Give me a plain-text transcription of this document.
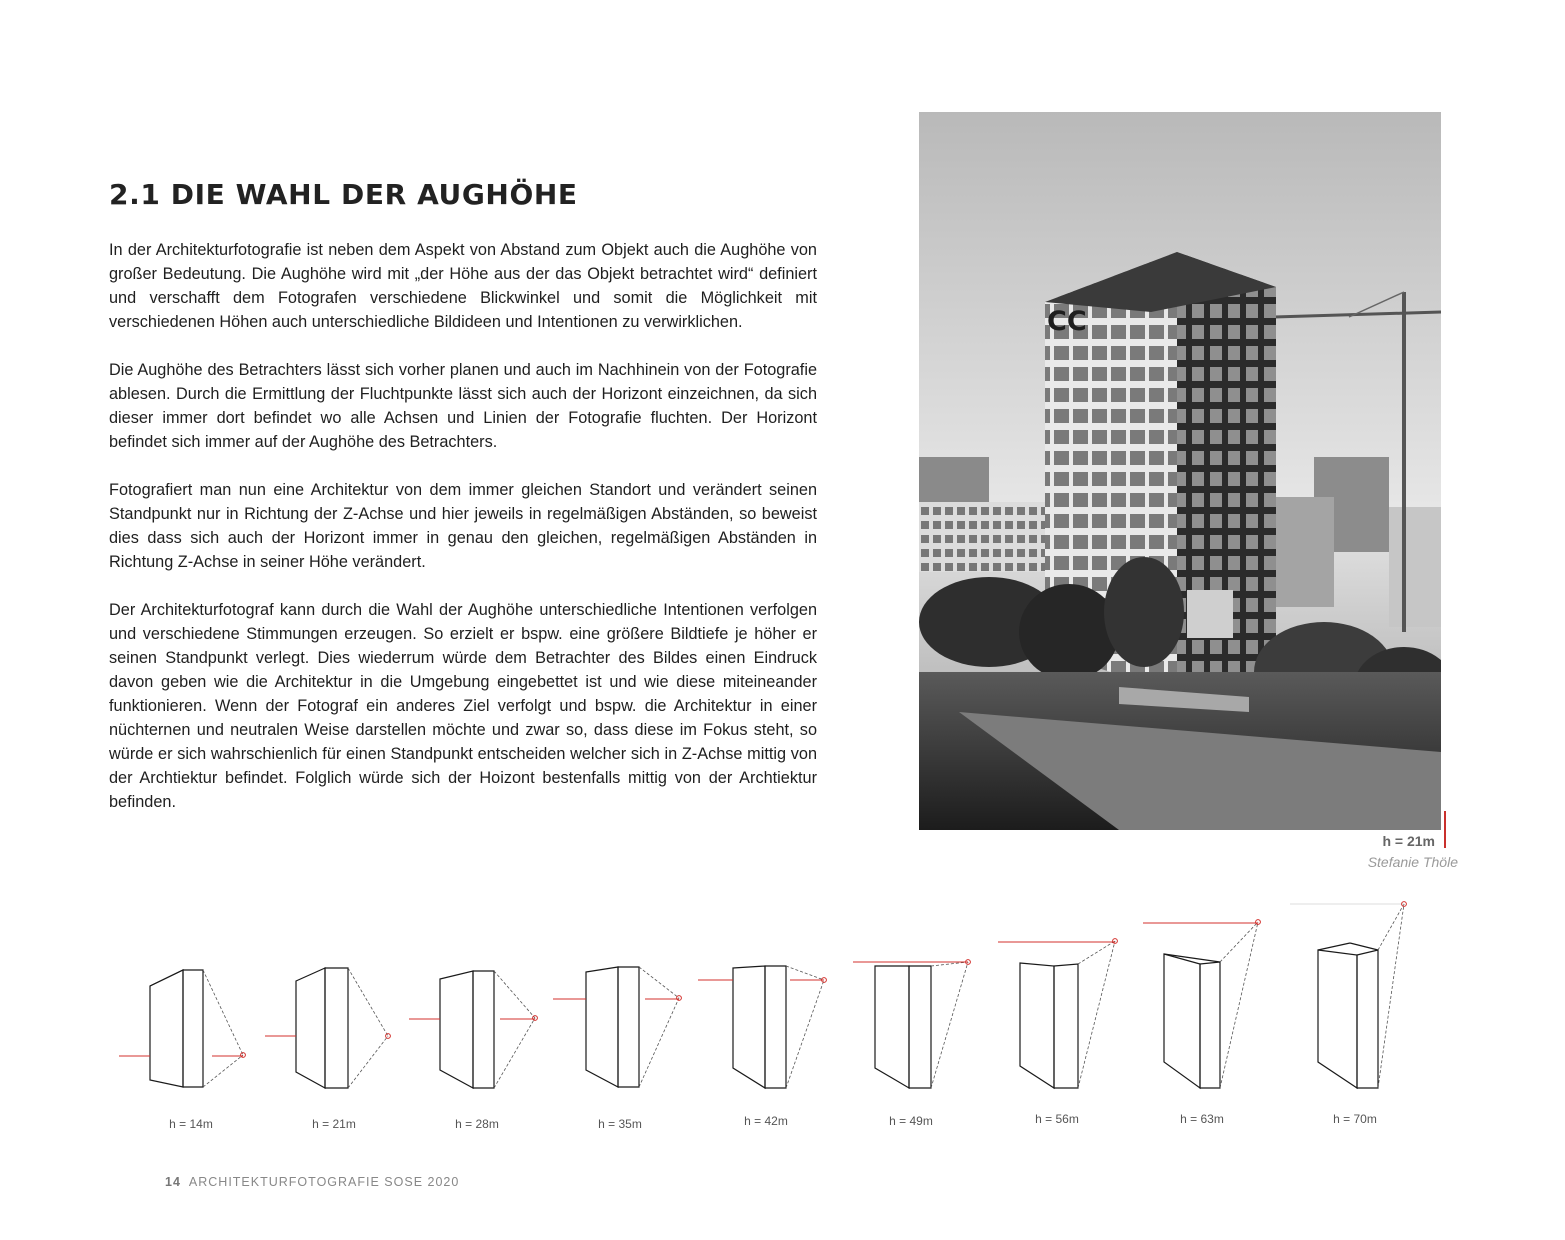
2.1 DIE WAHL DER AUGHÖHE

In der Architekturfotografie ist neben dem Aspekt von Abstand zum Objekt auch die Aughöhe von großer Bedeutung. Die Aughöhe wird mit „der Höhe aus der das Objekt betrachtet wird“ definiert und verschafft dem Fotografen verschiedene Blickwinkel und somit die Möglichkeit mit verschiedenen Höhen auch unterschiedliche Bildideen und Intentionen zu verwirklichen.

Die Aughöhe des Betrachters lässt sich vorher planen und auch im Nachhinein von der Fotografie ablesen. Durch die Ermittlung der Fluchtpunkte lässt sich auch der Horizont einzeichnen, da sich dieser immer dort befindet wo alle Achsen und Linien der Fotografie fluchten. Der Horizont befindet sich immer auf der Aughöhe des Betrachters.

Fotografiert man nun eine Architektur von dem immer gleichen Standort und verändert seinen Standpunkt nur in Richtung der Z-Achse und hier jeweils in regelmäßigen Abständen, so beweist dies dass sich auch der Horizont immer in genau den gleichen, regelmäßigen Abständen in Richtung Z-Achse in seiner Höhe verändert.

Der Architekturfotograf kann durch die Wahl der Aughöhe unterschiedliche Intentionen verfolgen und verschiedene Stimmungen erzeugen. So erzielt er bspw. eine größere Bildtiefe je höher er seinen Standpunkt verlegt. Dies wiederrum würde dem Betrachter des Bildes einen Eindruck davon geben wie die Architektur in die Umgebung eingebettet ist und wie diese miteineander funktionieren. Wenn der Fotograf ein anderes Ziel verfolgt und bspw. die Architektur in einer nüchternen und neutralen Weise darstellen möchte und zwar so, dass diese im Fokus steht, so würde er sich wahrschienlich für einen Standpunkt entscheiden welcher sich in Z-Achse mittig von der Archtiektur befindet. Folglich würde sich der Hoizont bestenfalls mittig von der Archtiektur befinden.

CC
h = 21m
Stefanie Thöle
h = 14m	h = 21m	h = 28m	h = 35m	h = 42m	h = 49m	h = 56m	h = 63m	h = 70m
14 ARCHITEKTURFOTOGRAFIE SOSE 2020
